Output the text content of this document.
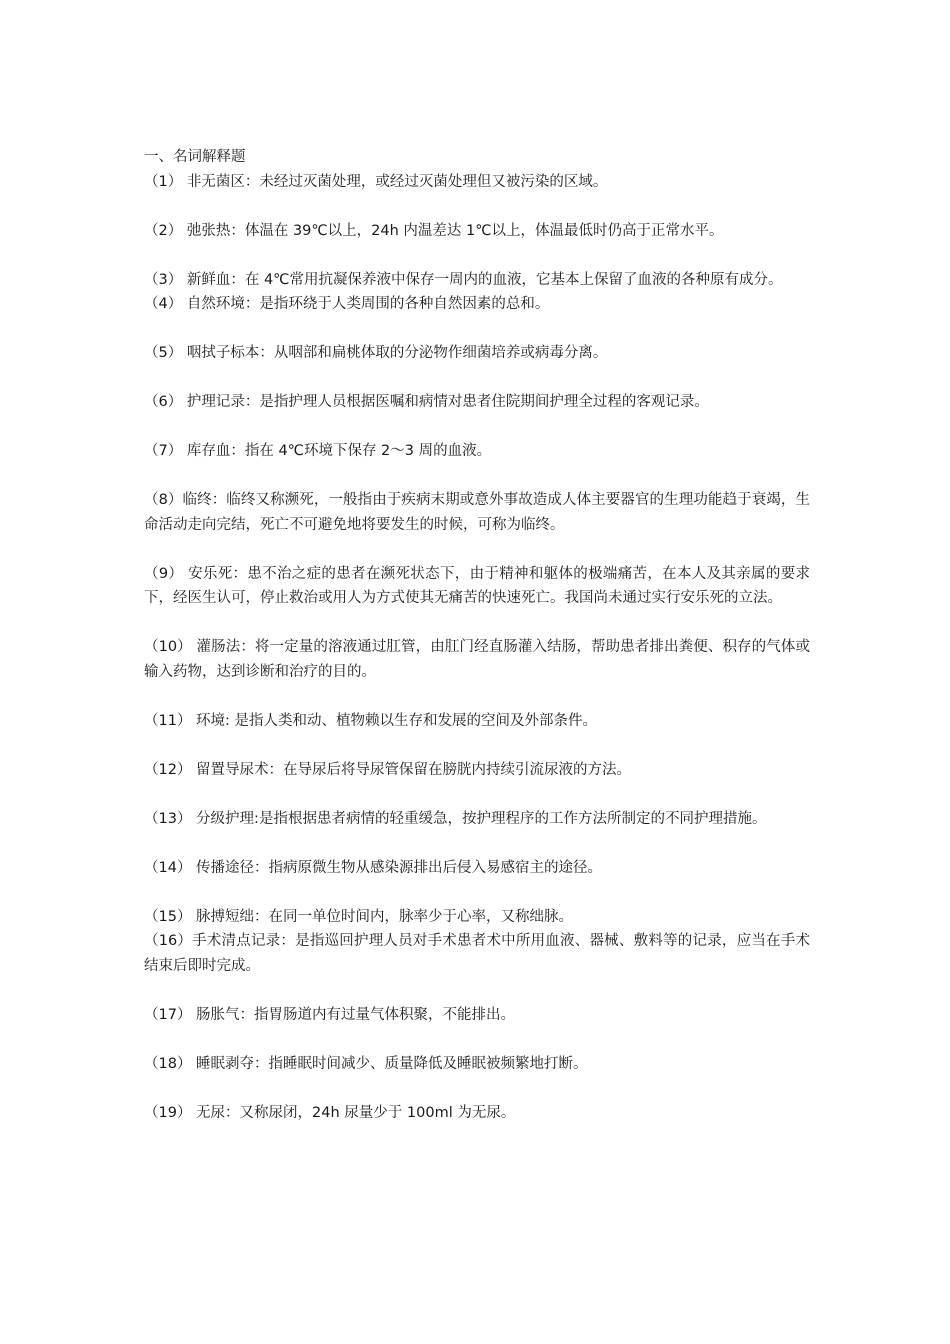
一、名词解释题

（1） 非无菌区：未经过灭菌处理，或经过灭菌处理但又被污染的区域。

（2） 弛张热：体温在 39℃以上，24h 内温差达 1℃以上，体温最低时仍高于正常水平。

（3） 新鲜血：在 4℃常用抗凝保养液中保存一周内的血液，它基本上保留了血液的各种原有成分。

（4） 自然环境：是指环绕于人类周围的各种自然因素的总和。

（5） 咽拭子标本：从咽部和扁桃体取的分泌物作细菌培养或病毒分离。

（6） 护理记录：是指护理人员根据医嘱和病情对患者住院期间护理全过程的客观记录。

（7） 库存血：指在 4℃环境下保存 2～3 周的血液。

（8）临终：临终又称濒死，一般指由于疾病末期或意外事故造成人体主要器官的生理功能趋于衰竭，生命活动走向完结，死亡不可避免地将要发生的时候，可称为临终。

（9） 安乐死：患不治之症的患者在濒死状态下，由于精神和躯体的极端痛苦，在本人及其亲属的要求下，经医生认可，停止救治或用人为方式使其无痛苦的快速死亡。我国尚未通过实行安乐死的立法。

（10） 灌肠法：将一定量的溶液通过肛管，由肛门经直肠灌入结肠，帮助患者排出粪便、积存的气体或输入药物，达到诊断和治疗的目的。

（11） 环境: 是指人类和动、植物赖以生存和发展的空间及外部条件。

（12） 留置导尿术：在导尿后将导尿管保留在膀胱内持续引流尿液的方法。

（13） 分级护理:是指根据患者病情的轻重缓急，按护理程序的工作方法所制定的不同护理措施。

（14） 传播途径：指病原微生物从感染源排出后侵入易感宿主的途径。

（15） 脉搏短绌：在同一单位时间内，脉率少于心率，又称绌脉。

（16）手术清点记录：是指巡回护理人员对手术患者术中所用血液、器械、敷料等的记录，应当在手术结束后即时完成。

（17） 肠胀气：指胃肠道内有过量气体积聚，不能排出。

（18） 睡眠剥夺：指睡眠时间减少、质量降低及睡眠被频繁地打断。

（19） 无尿：又称尿闭，24h 尿量少于 100ml 为无尿。
